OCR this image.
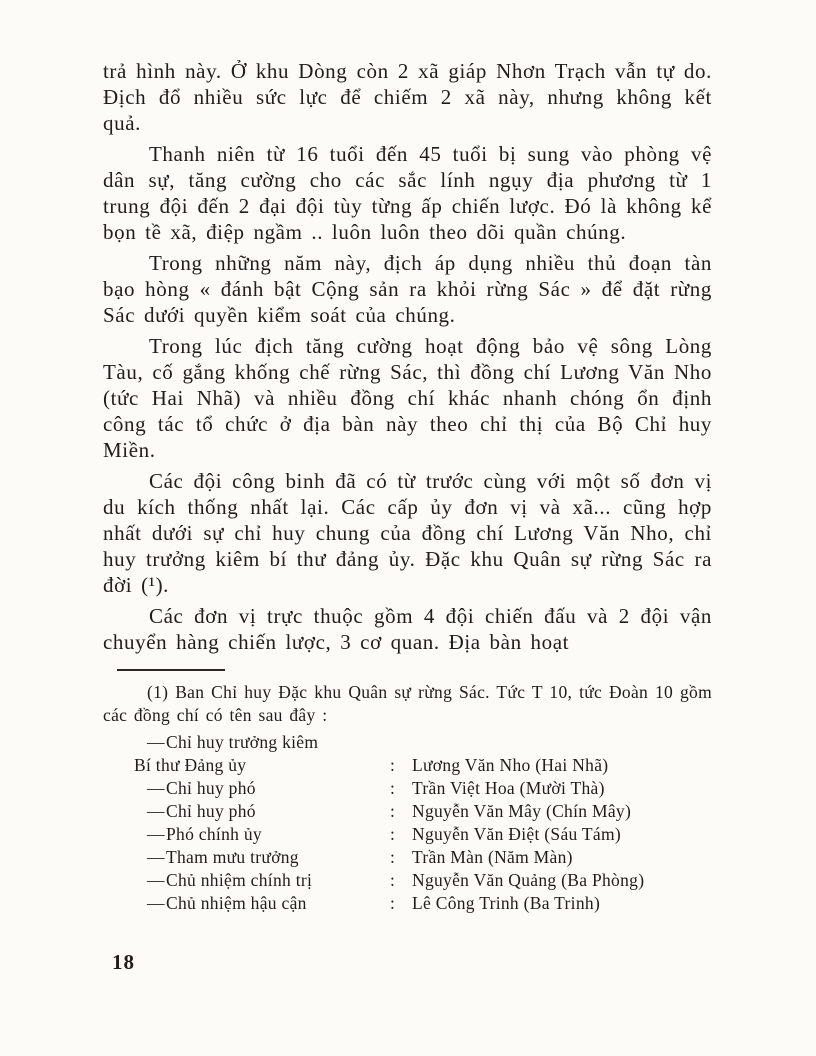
trả hình này. Ở khu Dòng còn 2 xã giáp Nhơn Trạch vẫn tự do. Địch đổ nhiều sức lực để chiếm 2 xã này, nhưng không kết quả.

Thanh niên từ 16 tuổi đến 45 tuổi bị sung vào phòng vệ dân sự, tăng cường cho các sắc lính ngụy địa phương từ 1 trung đội đến 2 đại đội tùy từng ấp chiến lược. Đó là không kể bọn tề xã, điệp ngầm .. luôn luôn theo dõi quần chúng.

Trong những năm này, địch áp dụng nhiều thủ đoạn tàn bạo hòng « đánh bật Cộng sản ra khỏi rừng Sác » để đặt rừng Sác dưới quyền kiểm soát của chúng.

Trong lúc địch tăng cường hoạt động bảo vệ sông Lòng Tàu, cố gắng khống chế rừng Sác, thì đồng chí Lương Văn Nho (tức Hai Nhã) và nhiều đồng chí khác nhanh chóng ổn định công tác tổ chức ở địa bàn này theo chỉ thị của Bộ Chỉ huy Miền.

Các đội công binh đã có từ trước cùng với một số đơn vị du kích thống nhất lại. Các cấp ủy đơn vị và xã... cũng hợp nhất dưới sự chỉ huy chung của đồng chí Lương Văn Nho, chỉ huy trưởng kiêm bí thư đảng ủy. Đặc khu Quân sự rừng Sác ra đời (¹).

Các đơn vị trực thuộc gồm 4 đội chiến đấu và 2 đội vận chuyển hàng chiến lược, 3 cơ quan. Địa bàn hoạt

(1) Ban Chỉ huy Đặc khu Quân sự rừng Sác. Tức T 10, tức Đoàn 10 gồm các đồng chí có tên sau đây :

— Chỉ huy trưởng kiêm
Bí thư Đảng ủy	: Lương Văn Nho (Hai Nhã)
— Chỉ huy phó	: Trần Việt Hoa (Mười Thà)
— Chỉ huy phó	: Nguyễn Văn Mây (Chín Mây)
— Phó chính ủy	: Nguyễn Văn Điệt (Sáu Tám)
— Tham mưu trưởng	: Trần Màn (Năm Màn)
— Chủ nhiệm chính trị	: Nguyễn Văn Quảng (Ba Phòng)
— Chủ nhiệm hậu cận	: Lê Công Trinh (Ba Trinh)
18
